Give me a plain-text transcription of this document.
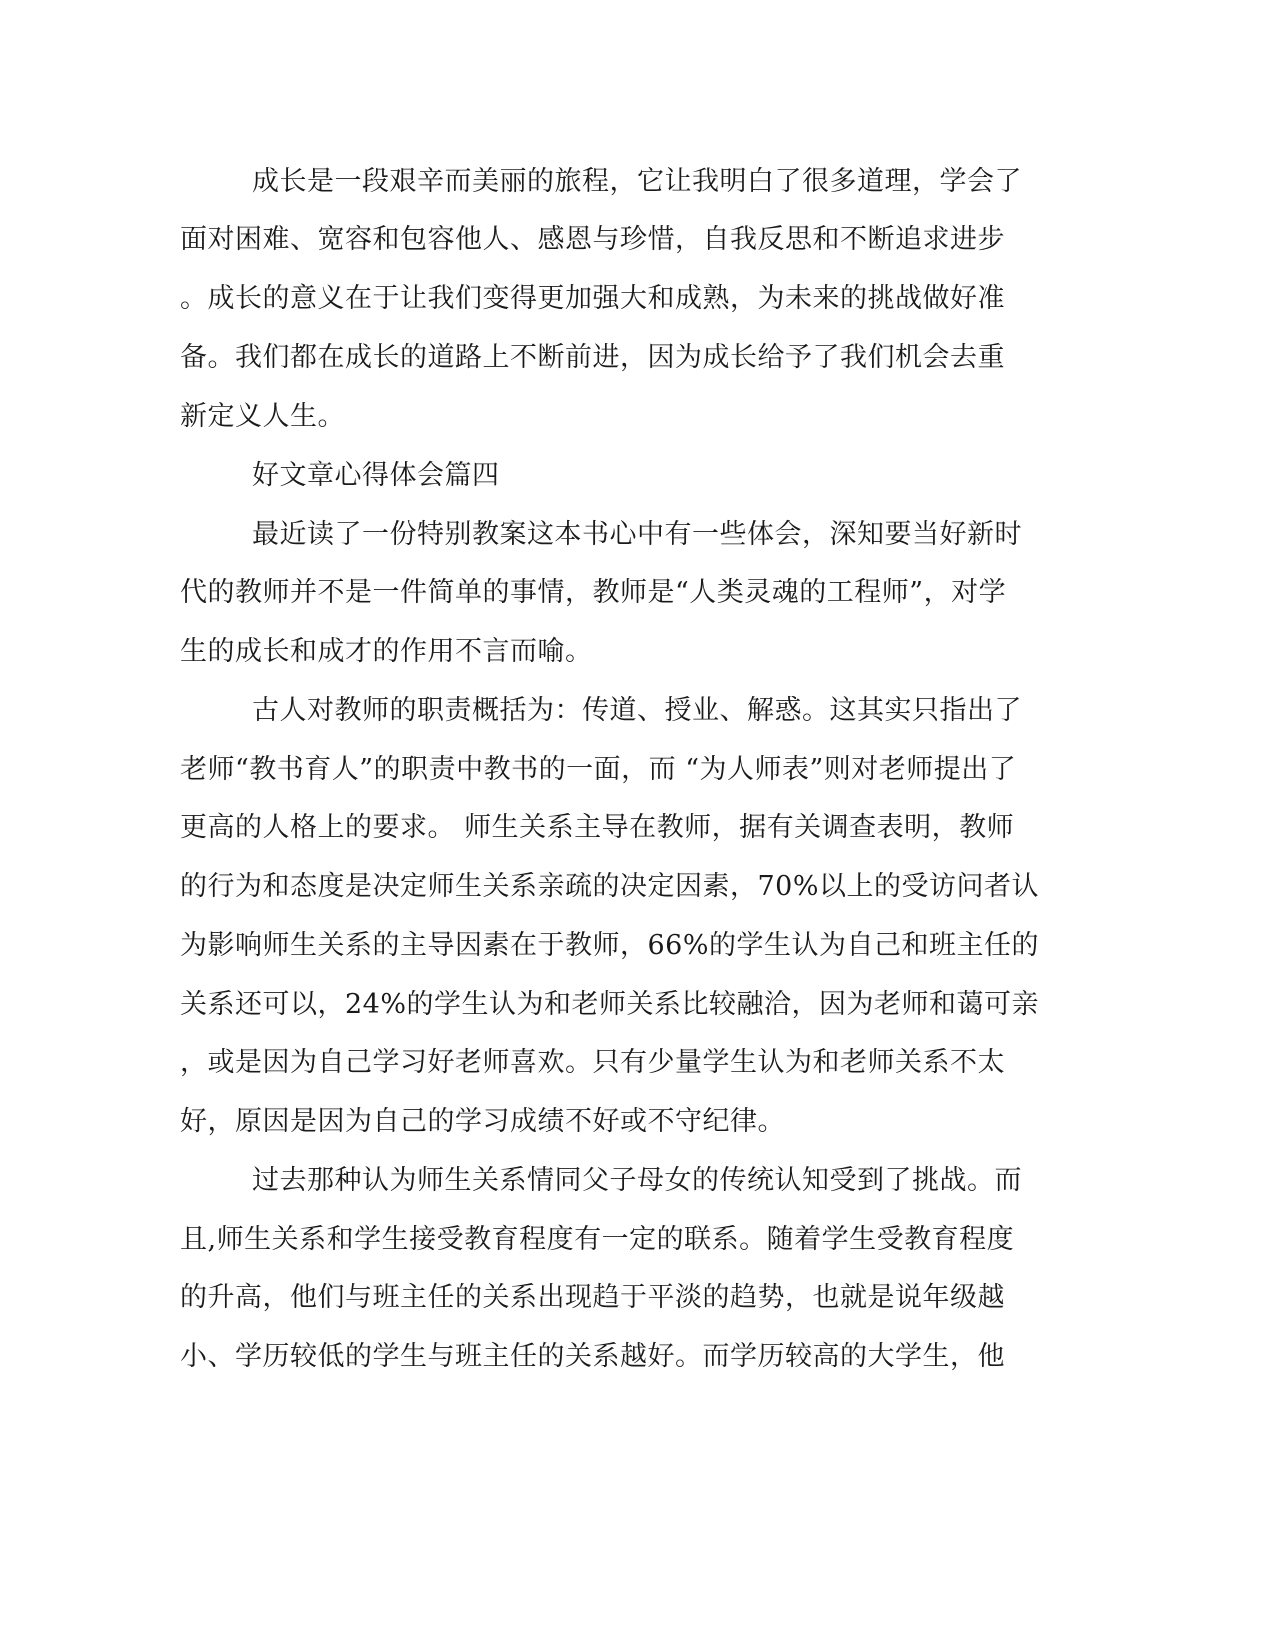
成长是一段艰辛而美丽的旅程，它让我明白了很多道理，学会了

面对困难、宽容和包容他人、感恩与珍惜，自我反思和不断追求进步

。成长的意义在于让我们变得更加强大和成熟，为未来的挑战做好准

备。我们都在成长的道路上不断前进，因为成长给予了我们机会去重

新定义人生。

好文章心得体会篇四

最近读了一份特别教案这本书心中有一些体会，深知要当好新时

代的教师并不是一件简单的事情，教师是“人类灵魂的工程师”，对学

生的成长和成才的作用不言而喻。

古人对教师的职责概括为：传道、授业、解惑。这其实只指出了

老师“教书育人”的职责中教书的一面，而 “为人师表”则对老师提出了

更高的人格上的要求。 师生关系主导在教师，据有关调查表明，教师

的行为和态度是决定师生关系亲疏的决定因素，70%以上的受访问者认

为影响师生关系的主导因素在于教师，66%的学生认为自己和班主任的

关系还可以，24%的学生认为和老师关系比较融洽，因为老师和蔼可亲

，或是因为自己学习好老师喜欢。只有少量学生认为和老师关系不太

好，原因是因为自己的学习成绩不好或不守纪律。

过去那种认为师生关系情同父子母女的传统认知受到了挑战。而

且,师生关系和学生接受教育程度有一定的联系。随着学生受教育程度

的升高，他们与班主任的关系出现趋于平淡的趋势，也就是说年级越

小、学历较低的学生与班主任的关系越好。而学历较高的大学生，他
